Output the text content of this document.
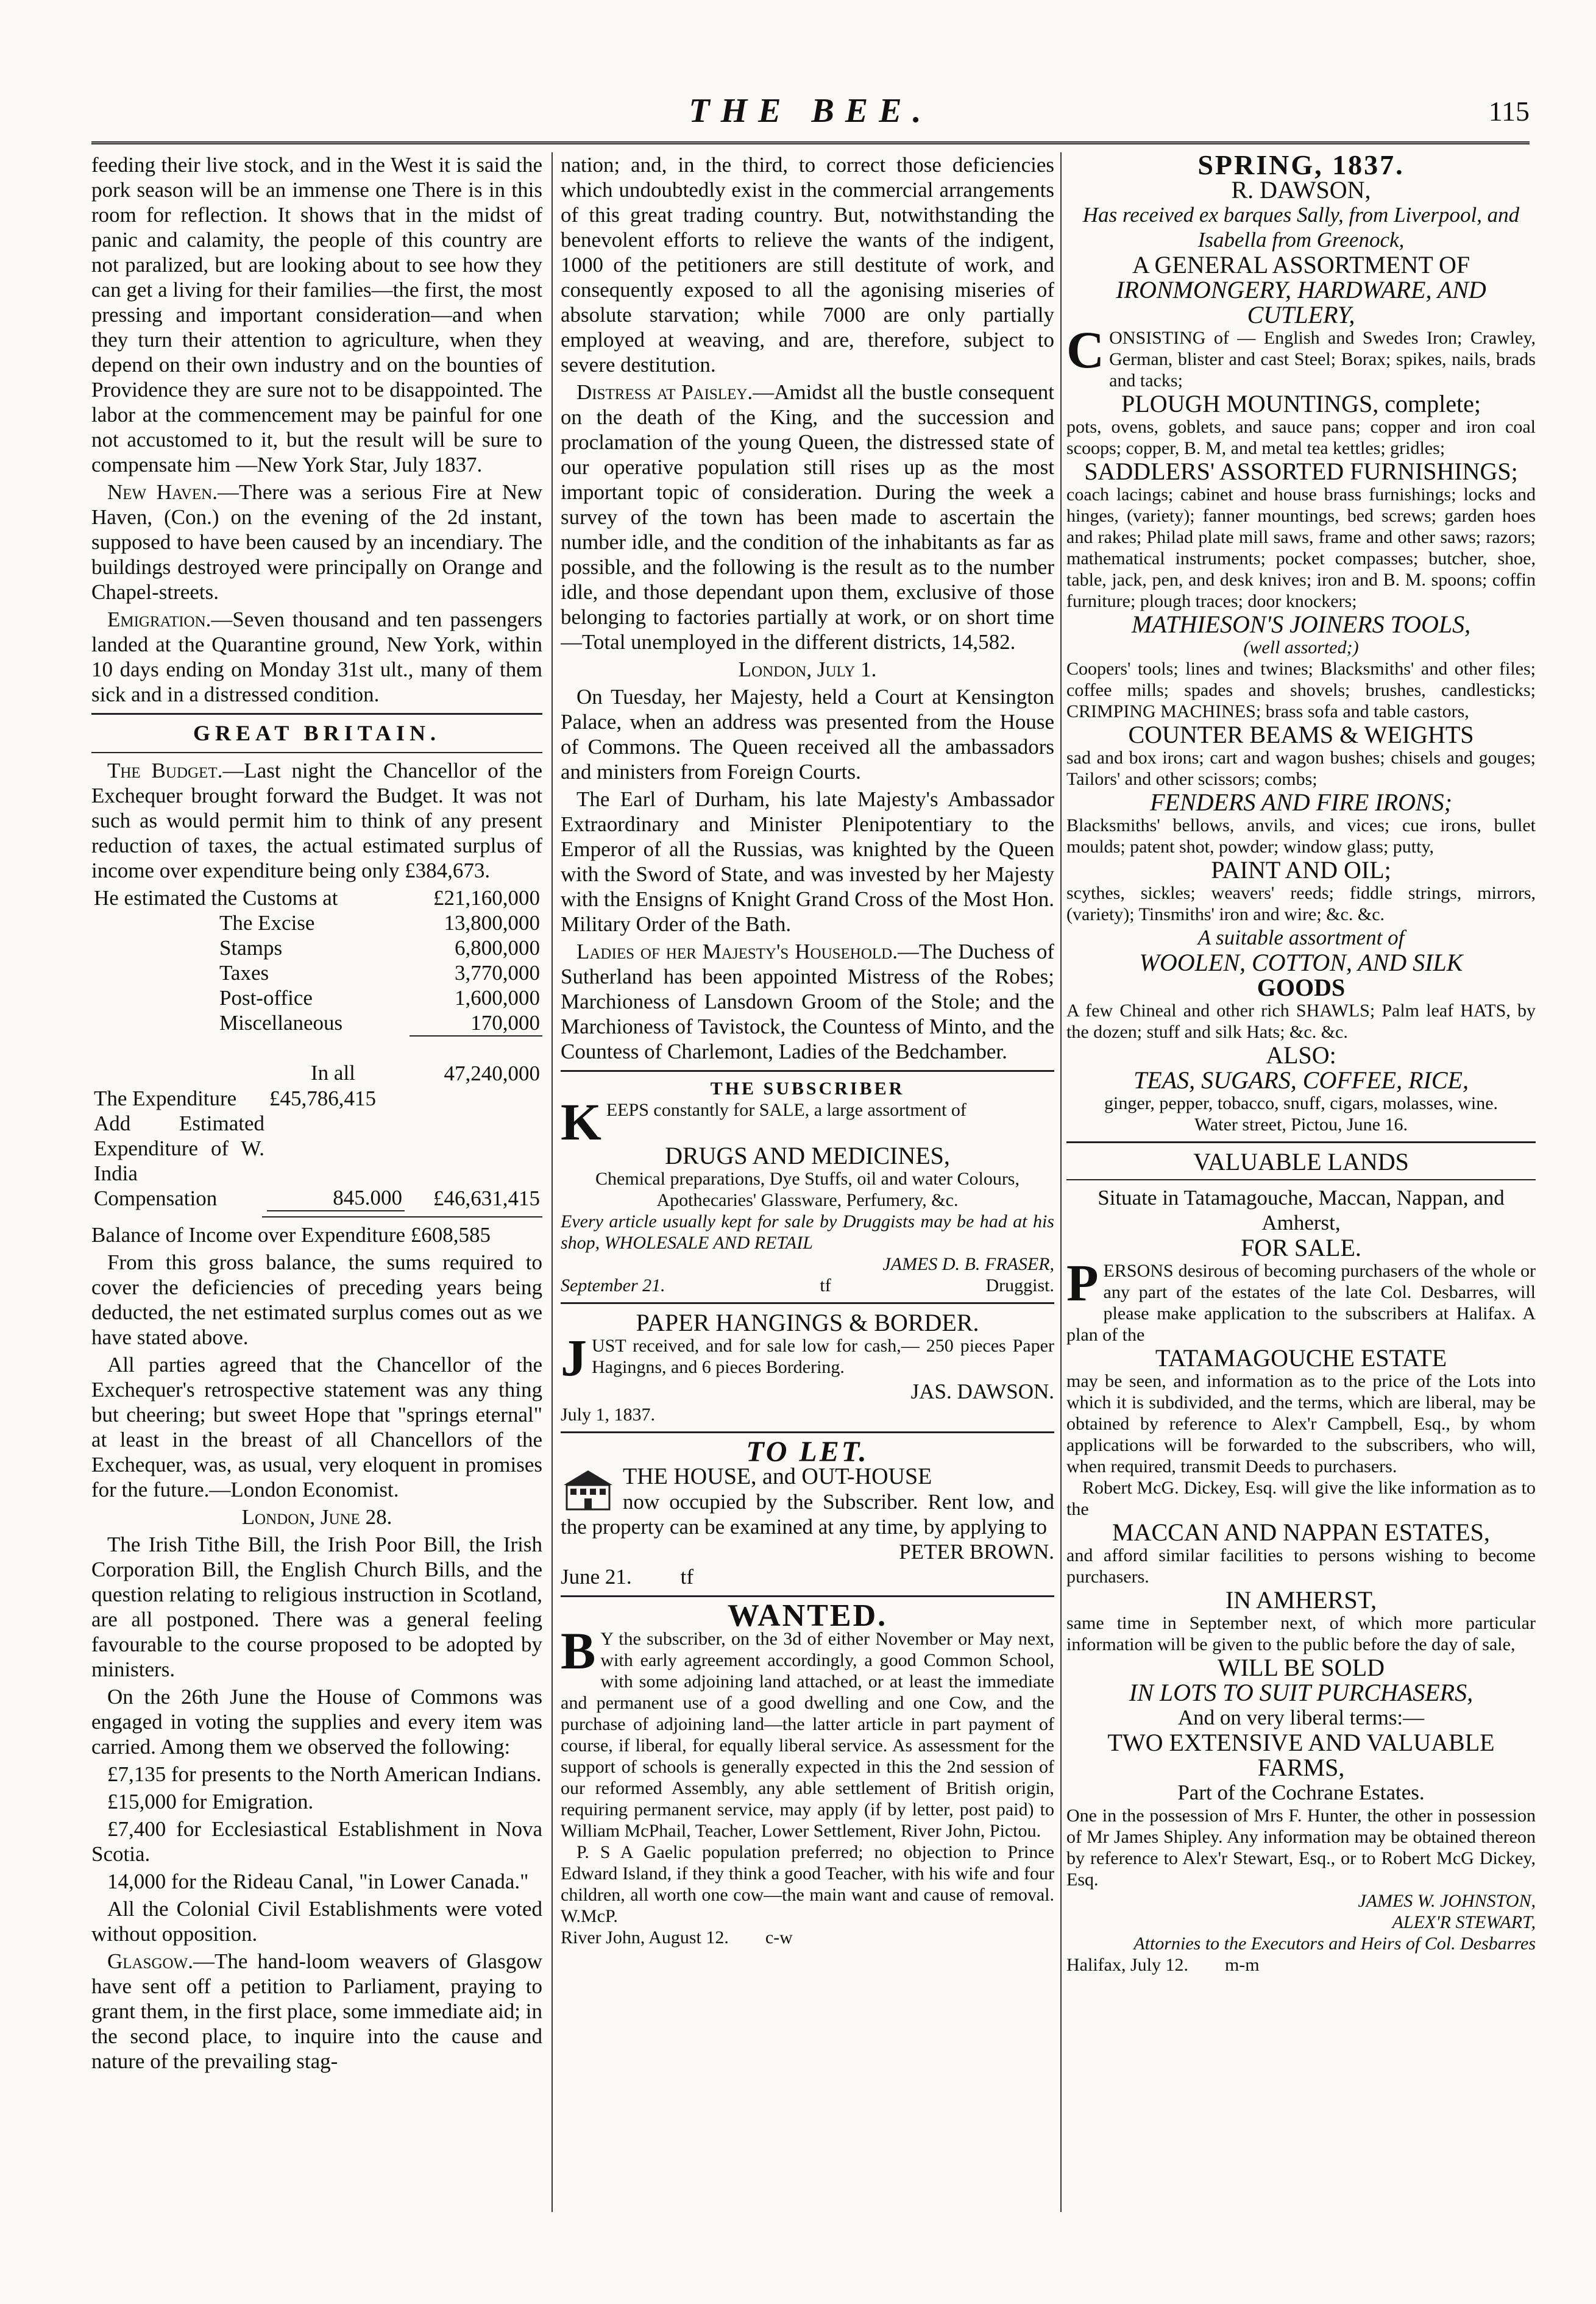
THE BEE.	115

feeding their live stock, and in the West it is said the pork season will be an immense one There is in this room for reflection. It shows that in the midst of panic and calamity, the people of this country are not paralized, but are looking about to see how they can get a living for their families—the first, the most pressing and important consideration—and when they turn their attention to agriculture, when they depend on their own industry and on the bounties of Providence they are sure not to be disappointed. The labor at the commencement may be painful for one not accustomed to it, but the result will be sure to compensate him —New York Star, July 1837.

New Haven.—There was a serious Fire at New Haven, (Con.) on the evening of the 2d instant, supposed to have been caused by an incendiary. The buildings destroyed were principally on Orange and Chapel-streets.

Emigration.—Seven thousand and ten passengers landed at the Quarantine ground, New York, within 10 days ending on Monday 31st ult., many of them sick and in a distressed condition.

GREAT BRITAIN.

The Budget.—Last night the Chancellor of the Exchequer brought forward the Budget. It was not such as would permit him to think of any present reduction of taxes, the actual estimated surplus of income over expenditure being only £384,673.

He estimated the Customs at	£21,160,000
The Excise	13,800,000
Stamps	6,800,000
Taxes	3,770,000
Post-office	1,600,000
Miscellaneous	170,000
In all	47,240,000
The Expenditure	£45,786,415	
Add Estimated Expenditure of W. India Compensation	845.000	£46,631,415

Balance of Income over Expenditure £608,585

From this gross balance, the sums required to cover the deficiencies of preceding years being deducted, the net estimated surplus comes out as we have stated above.

All parties agreed that the Chancellor of the Exchequer's retrospective statement was any thing but cheering; but sweet Hope that "springs eternal" at least in the breast of all Chancellors of the Exchequer, was, as usual, very eloquent in promises for the future.—London Economist.

London, June 28.

The Irish Tithe Bill, the Irish Poor Bill, the Irish Corporation Bill, the English Church Bills, and the question relating to religious instruction in Scotland, are all postponed. There was a general feeling favourable to the course proposed to be adopted by ministers.

On the 26th June the House of Commons was engaged in voting the supplies and every item was carried. Among them we observed the following:

£7,135 for presents to the North American Indians.

£15,000 for Emigration.

£7,400 for Ecclesiastical Establishment in Nova Scotia.

14,000 for the Rideau Canal, "in Lower Canada."

All the Colonial Civil Establishments were voted without opposition.

Glasgow.—The hand-loom weavers of Glasgow have sent off a petition to Parliament, praying to grant them, in the first place, some immediate aid; in the second place, to inquire into the cause and nature of the prevailing stag-

nation; and, in the third, to correct those deficiencies which undoubtedly exist in the commercial arrangements of this great trading country. But, notwithstanding the benevolent efforts to relieve the wants of the indigent, 1000 of the petitioners are still destitute of work, and consequently exposed to all the agonising miseries of absolute starvation; while 7000 are only partially employed at weaving, and are, therefore, subject to severe destitution.

Distress at Paisley.—Amidst all the bustle consequent on the death of the King, and the succession and proclamation of the young Queen, the distressed state of our operative population still rises up as the most important topic of consideration. During the week a survey of the town has been made to ascertain the number idle, and the condition of the inhabitants as far as possible, and the following is the result as to the number idle, and those dependant upon them, exclusive of those belonging to factories partially at work, or on short time —Total unemployed in the different districts, 14,582.

London, July 1.

On Tuesday, her Majesty, held a Court at Kensington Palace, when an address was presented from the House of Commons. The Queen received all the ambassadors and ministers from Foreign Courts.

The Earl of Durham, his late Majesty's Ambassador Extraordinary and Minister Plenipotentiary to the Emperor of all the Russias, was knighted by the Queen with the Sword of State, and was invested by her Majesty with the Ensigns of Knight Grand Cross of the Most Hon. Military Order of the Bath.

Ladies of her Majesty's Household.—The Duchess of Sutherland has been appointed Mistress of the Robes; Marchioness of Lansdown Groom of the Stole; and the Marchioness of Tavistock, the Countess of Minto, and the Countess of Charlemont, Ladies of the Bedchamber.

THE SUBSCRIBER
KEEPS constantly for SALE, a large assortment of
DRUGS AND MEDICINES,
Chemical preparations, Dye Stuffs, oil and water Colours, Apothecaries' Glassware, Perfumery, &c.
Every article usually kept for sale by Druggists may be had at his shop, WHOLESALE AND RETAIL
JAMES D. B. FRASER,
September 21.	tf	Druggist.
PAPER HANGINGS & BORDER.
JUST received, and for sale low for cash,— 250 pieces Paper Hagingns, and 6 pieces Bordering.
JAS. DAWSON.
July 1, 1837.
TO LET.
THE HOUSE, and OUT-HOUSE
now occupied by the Subscriber. Rent low, and the property can be examined at any time, by applying to
PETER BROWN.
June 21. tf
WANTED.
B Y the subscriber, on the 3d of either November or May next, with early agreement accordingly, a good Common School, with some adjoining land attached, or at least the immediate and permanent use of a good dwelling and one Cow, and the purchase of adjoining land—the latter article in part payment of course, if liberal, for equally liberal service. As assessment for the support of schools is generally expected in this the 2nd session of our reformed Assembly, any able settlement of British origin, requiring permanent service, may apply (if by letter, post paid) to William McPhail, Teacher, Lower Settlement, River John, Pictou.
P. S A Gaelic population preferred; no objection to Prince Edward Island, if they think a good Teacher, with his wife and four children, all worth one cow—the main want and cause of removal. W.McP.
River John, August 12. c-w
SPRING, 1837.
R. DAWSON,
Has received ex barques Sally, from Liverpool, and Isabella from Greenock,
A GENERAL ASSORTMENT OF
IRONMONGERY, HARDWARE, AND CUTLERY,
CONSISTING of — English and Swedes Iron; Crawley, German, blister and cast Steel; Borax; spikes, nails, brads and tacks;
PLOUGH MOUNTINGS, complete;
pots, ovens, goblets, and sauce pans; copper and iron coal scoops; copper, B. M, and metal tea kettles; gridles;
SADDLERS' ASSORTED FURNISHINGS;
coach lacings; cabinet and house brass furnishings; locks and hinges, (variety); fanner mountings, bed screws; garden hoes and rakes; Philad plate mill saws, frame and other saws; razors; mathematical instruments; pocket compasses; butcher, shoe, table, jack, pen, and desk knives; iron and B. M. spoons; coffin furniture; plough traces; door knockers;
MATHIESON'S JOINERS TOOLS,
(well assorted;)
Coopers' tools; lines and twines; Blacksmiths' and other files; coffee mills; spades and shovels; brushes, candlesticks; CRIMPING MACHINES; brass sofa and table castors,
COUNTER BEAMS & WEIGHTS
sad and box irons; cart and wagon bushes; chisels and gouges; Tailors' and other scissors; combs;
FENDERS AND FIRE IRONS;
Blacksmiths' bellows, anvils, and vices; cue irons, bullet moulds; patent shot, powder; window glass; putty,
PAINT AND OIL;
scythes, sickles; weavers' reeds; fiddle strings, mirrors, (variety); Tinsmiths' iron and wire; &c. &c.
A suitable assortment of
WOOLEN, COTTON, AND SILK
GOODS
A few Chineal and other rich SHAWLS; Palm leaf HATS, by the dozen; stuff and silk Hats; &c. &c.
ALSO:
TEAS, SUGARS, COFFEE, RICE,
ginger, pepper, tobacco, snuff, cigars, molasses, wine.
Water street, Pictou, June 16.
VALUABLE LANDS
Situate in Tatamagouche, Maccan, Nappan, and Amherst,
FOR SALE.
PERSONS desirous of becoming purchasers of the whole or any part of the estates of the late Col. Desbarres, will please make application to the subscribers at Halifax. A plan of the
TATAMAGOUCHE ESTATE
may be seen, and information as to the price of the Lots into which it is subdivided, and the terms, which are liberal, may be obtained by reference to Alex'r Campbell, Esq., by whom applications will be forwarded to the subscribers, who will, when required, transmit Deeds to purchasers.
Robert McG. Dickey, Esq. will give the like information as to the
MACCAN AND NAPPAN ESTATES,
and afford similar facilities to persons wishing to become purchasers.
IN AMHERST,
same time in September next, of which more particular information will be given to the public before the day of sale,
WILL BE SOLD
IN LOTS TO SUIT PURCHASERS,
And on very liberal terms:—
TWO EXTENSIVE AND VALUABLE FARMS,
Part of the Cochrane Estates.
One in the possession of Mrs F. Hunter, the other in possession of Mr James Shipley. Any information may be obtained thereon by reference to Alex'r Stewart, Esq., or to Robert McG Dickey, Esq.
JAMES W. JOHNSTON,
ALEX'R STEWART,
Attornies to the Executors and Heirs of Col. Desbarres
Halifax, July 12. m-m
